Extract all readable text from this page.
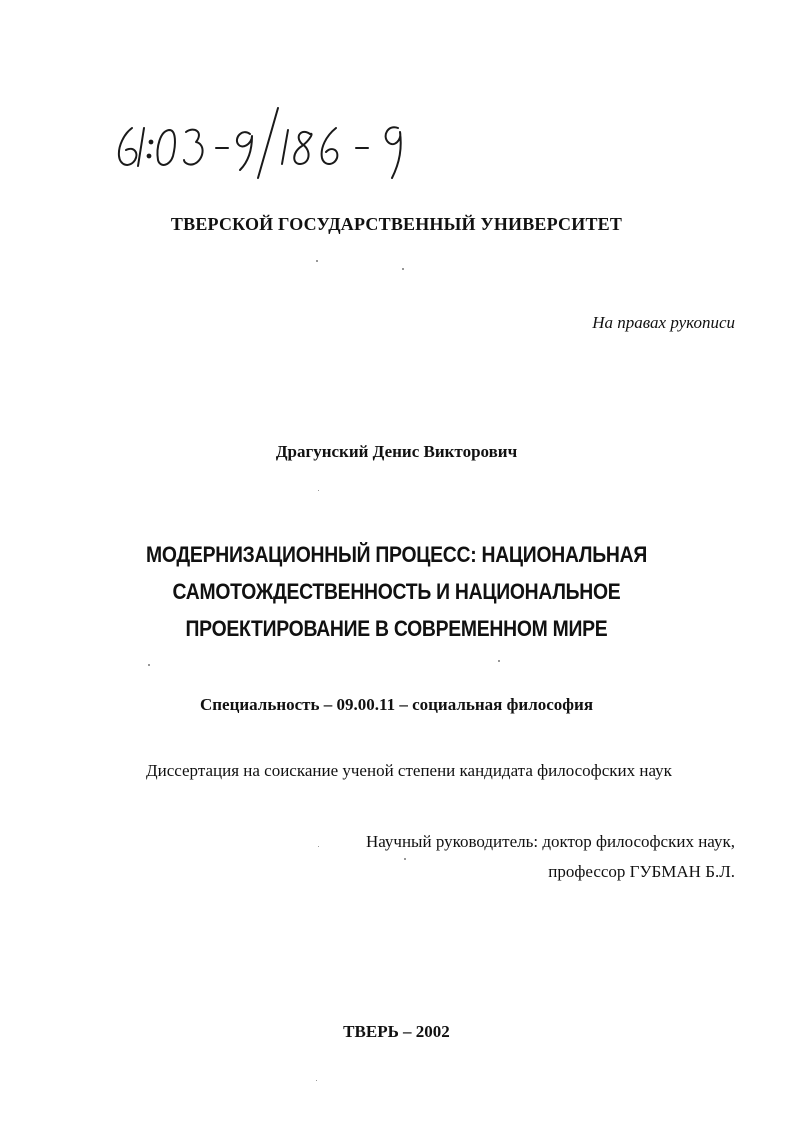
ТВЕРСКОЙ ГОСУДАРСТВЕННЫЙ УНИВЕРСИТЕТ
На правах рукописи
Драгунский Денис Викторович
МОДЕРНИЗАЦИОННЫЙ ПРОЦЕСС: НАЦИОНАЛЬНАЯ
САМОТОЖДЕСТВЕННОСТЬ И НАЦИОНАЛЬНОЕ
ПРОЕКТИРОВАНИЕ В СОВРЕМЕННОМ МИРЕ
Специальность – 09.00.11 – социальная философия
Диссертация на соискание ученой степени кандидата философских наук
Научный руководитель: доктор философских наук,
профессор ГУБМАН Б.Л.
ТВЕРЬ – 2002
